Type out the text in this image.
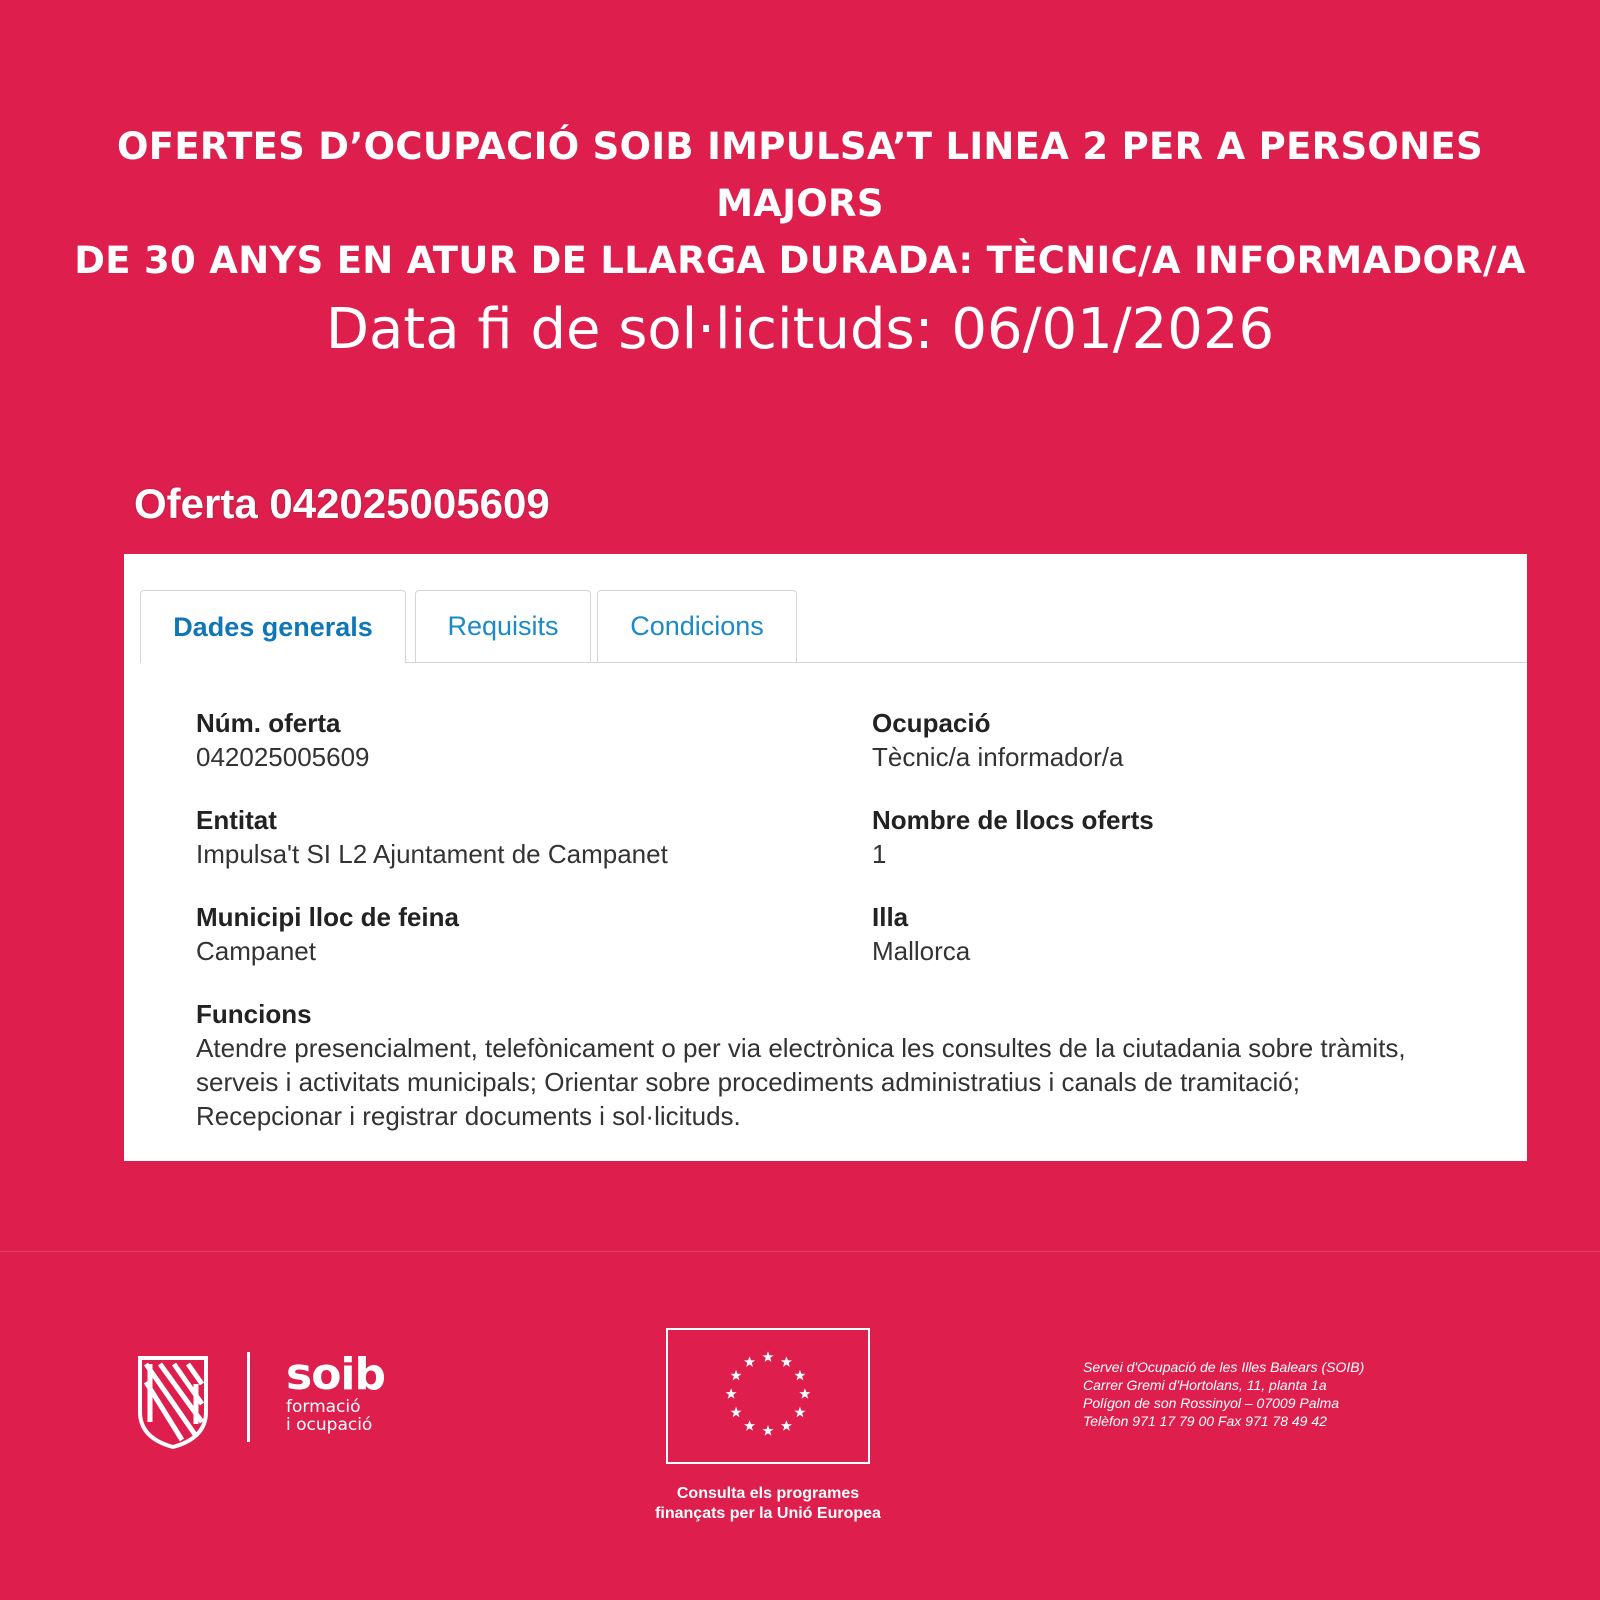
OFERTES D’OCUPACIÓ SOIB IMPULSA’T LINEA 2 PER A PERSONES MAJORS
DE 30 ANYS EN ATUR DE LLARGA DURADA: TÈCNIC/A INFORMADOR/A
Data fi de sol·licituds: 06/01/2026
Oferta 042025005609
Dades generals	Requisits	Condicions
Núm. oferta
042025005609
Ocupació
Tècnic/a informador/a
Entitat
Impulsa't SI L2 Ajuntament de Campanet
Nombre de llocs oferts
1
Municipi lloc de feina
Campanet
Illa
Mallorca
Funcions
Atendre presencialment, telefònicament o per via electrònica les consultes de la ciutadania sobre tràmits,
serveis i activitats municipals; Orientar sobre procediments administratius i canals de tramitació;
Recepcionar i registrar documents i sol·licituds.
soib
formació
i ocupació
Consulta els programes
finançats per la Unió Europea
Servei d'Ocupació de les Illes Balears (SOIB)
Carrer Gremi d'Hortolans, 11, planta 1a
Polígon de son Rossinyol – 07009 Palma
Telèfon 971 17 79 00 Fax 971 78 49 42
